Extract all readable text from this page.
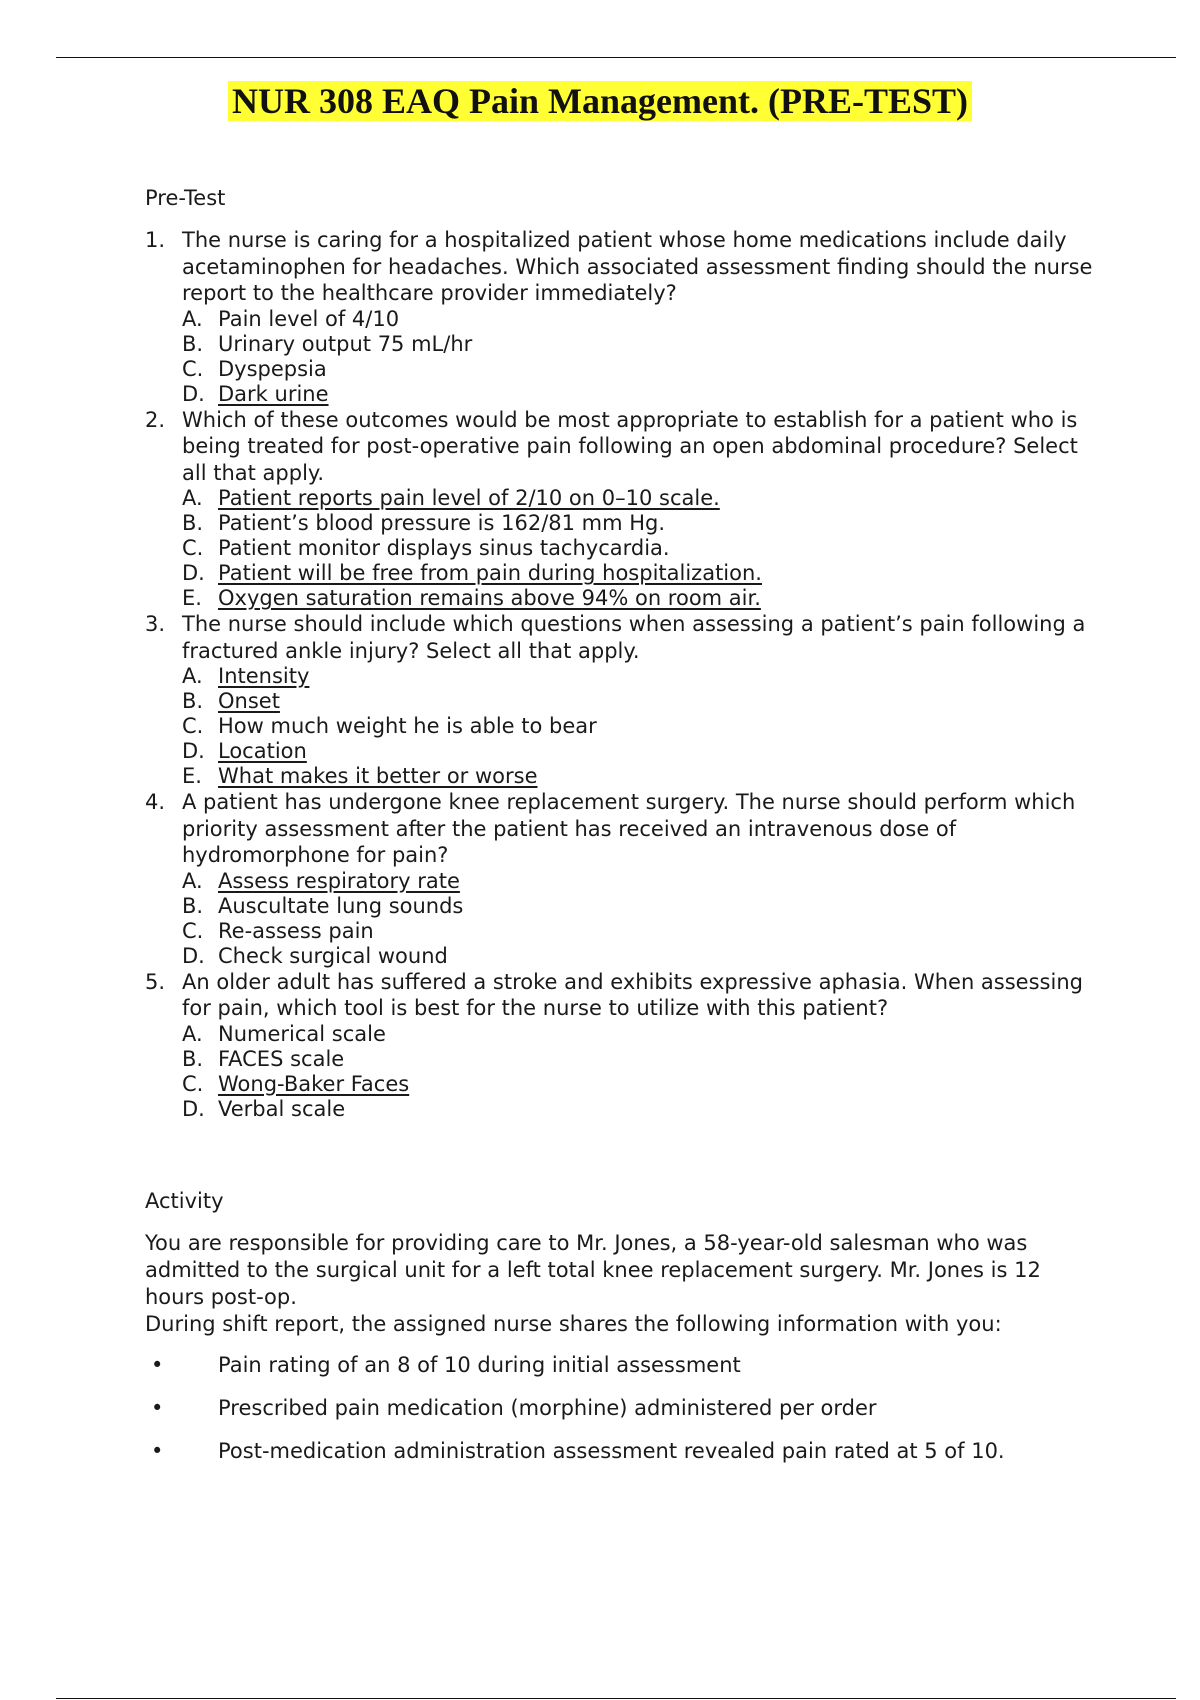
NUR 308 EAQ Pain Management. (PRE-TEST)

Pre-Test

1. The nurse is caring for a hospitalized patient whose home medications include daily acetaminophen for headaches. Which associated assessment finding should the nurse report to the healthcare provider immediately?

A. Pain level of 4/10
B. Urinary output 75 mL/hr
C. Dyspepsia
D. Dark urine
2. Which of these outcomes would be most appropriate to establish for a patient who is being treated for post-operative pain following an open abdominal procedure? Select all that apply.

A. Patient reports pain level of 2/10 on 0–10 scale.
B. Patient’s blood pressure is 162/81 mm Hg.
C. Patient monitor displays sinus tachycardia.
D. Patient will be free from pain during hospitalization.
E. Oxygen saturation remains above 94% on room air.
3. The nurse should include which questions when assessing a patient’s pain following a fractured ankle injury? Select all that apply.

A. Intensity
B. Onset
C. How much weight he is able to bear
D. Location
E. What makes it better or worse
4. A patient has undergone knee replacement surgery. The nurse should perform which priority assessment after the patient has received an intravenous dose of hydromorphone for pain?

A. Assess respiratory rate
B. Auscultate lung sounds
C. Re-assess pain
D. Check surgical wound
5. An older adult has suffered a stroke and exhibits expressive aphasia. When assessing for pain, which tool is best for the nurse to utilize with this patient?

A. Numerical scale
B. FACES scale
C. Wong-Baker Faces
D. Verbal scale

Activity

You are responsible for providing care to Mr. Jones, a 58-year-old salesman who was admitted to the surgical unit for a left total knee replacement surgery. Mr. Jones is 12 hours post-op.
During shift report, the assigned nurse shares the following information with you:

•	Pain rating of an 8 of 10 during initial assessment
•	Prescribed pain medication (morphine) administered per order
•	Post-medication administration assessment revealed pain rated at 5 of 10.
